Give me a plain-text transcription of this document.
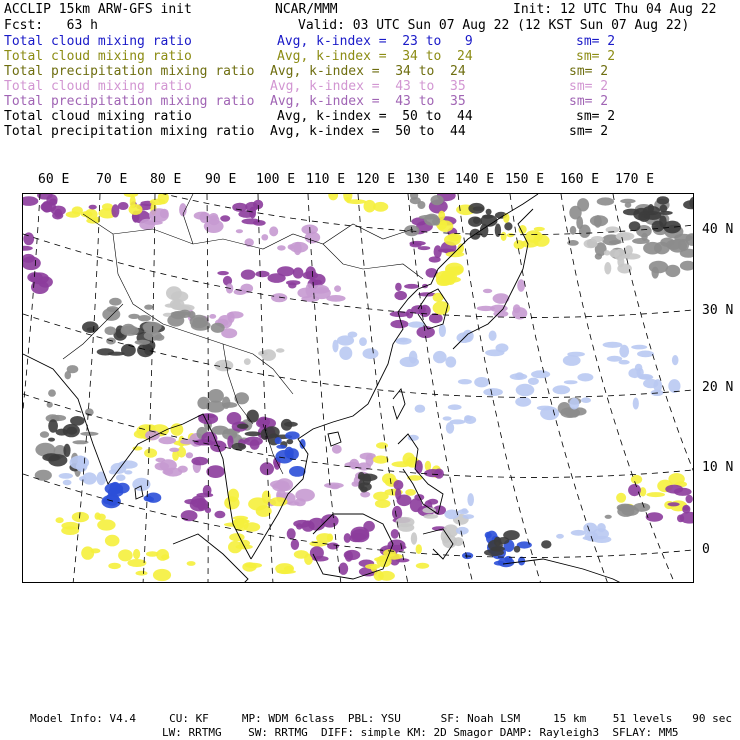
ACCLIP 15km ARW-GFS init	NCAR/MMM	Init: 12 UTC Thu 04 Aug 22
Fcst:   63 h	Valid: 03 UTC Sun 07 Aug 22 (12 KST Sun 07 Aug 22)
Total cloud mixing ratio	Avg, k-index =  23 to   9	sm= 2
Total cloud mixing ratio	Avg, k-index =  34 to  24	sm= 2
Total precipitation mixing ratio Avg, k-index =  34 to  24	sm= 2
Total cloud mixing ratio	Avg, k-index =  43 to  35	sm= 2
Total precipitation mixing ratio Avg, k-index =  43 to  35	sm= 2
Total cloud mixing ratio	Avg, k-index =  50 to  44	sm= 2
Total precipitation mixing ratio Avg, k-index =  50 to  44	sm= 2
60 E 70 E 80 E 90 E 100 E 110 E 120 E 130 E 140 E 150 E 160 E 170 E
40 N
30 N
20 N
10 N
0
Model Info: V4.4     CU: KF     MP: WDM 6class  PBL: YSU      SF: Noah LSM     15 km    51 levels   90 sec
LW: RRTMG    SW: RRTMG  DIFF: simple KM: 2D Smagor DAMP: Rayleigh3  SFLAY: MM5
